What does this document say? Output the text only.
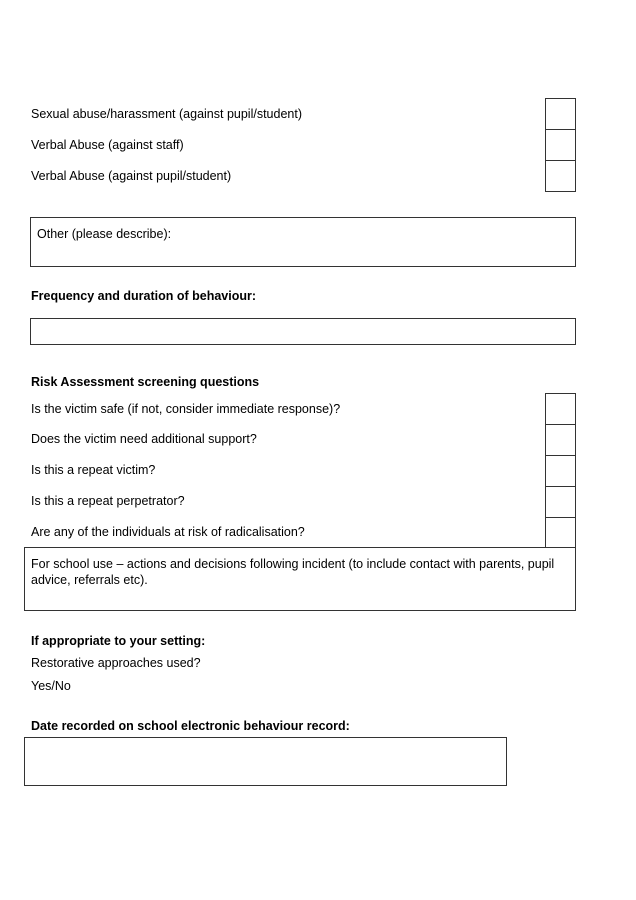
Sexual abuse/harassment (against pupil/student)
Verbal Abuse (against staff)
Verbal Abuse (against pupil/student)
Other (please describe):
Frequency and duration of behaviour:
Risk Assessment screening questions
Is the victim safe (if not, consider immediate response)?
Does the victim need additional support?
Is this a repeat victim?
Is this a repeat perpetrator?
Are any of the individuals at risk of radicalisation?
For school use – actions and decisions following incident (to include contact with parents, pupil advice, referrals etc).
If appropriate to your setting:
Restorative approaches used?
Yes/No
Date recorded on school electronic behaviour record:
